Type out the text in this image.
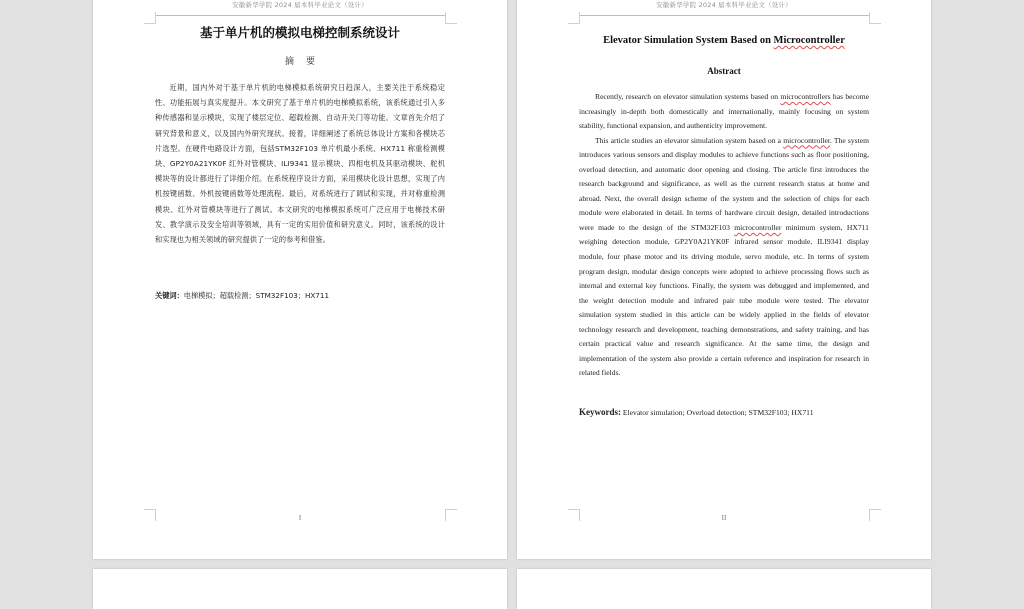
安徽新华学院 2024 届本科毕业论文（设计）
基于单片机的模拟电梯控制系统设计
摘要
近期，国内外对于基于单片机的电梯模拟系统研究日趋深入，主要关注于系统稳定性、功能拓展与真实度提升。本文研究了基于单片机的电梯模拟系统，该系统通过引入多种传感器和显示模块，实现了楼层定位、超载检测、自动开关门等功能。文章首先介绍了研究背景和意义，以及国内外研究现状。接着，详细阐述了系统总体设计方案和各模块芯片选型。在硬件电路设计方面，包括STM32F103 单片机最小系统、HX711 称重检测模块、GP2Y0A21YK0F 红外对管模块、ILI9341 显示模块、四相电机及其驱动模块、舵机模块等的设计都进行了详细介绍。在系统程序设计方面，采用模块化设计思想，实现了内机按键函数、外机按键函数等处理流程。最后，对系统进行了调试和实现，并对称重检测模块、红外对管模块等进行了测试。本文研究的电梯模拟系统可广泛应用于电梯技术研发、教学演示及安全培训等领域，具有一定的实用价值和研究意义。同时，该系统的设计和实现也为相关领域的研究提供了一定的参考和借鉴。
关键词：电梯模拟；超载检测；STM32F103；HX711
I
安徽新华学院 2024 届本科毕业论文（设计）
Elevator Simulation System Based on Microcontroller
Abstract

Recently, research on elevator simulation systems based on microcontrollers has become increasingly in-depth both domestically and internationally, mainly focusing on system stability, functional expansion, and authenticity improvement.

This article studies an elevator simulation system based on a microcontroller. The system introduces various sensors and display modules to achieve functions such as floor positioning, overload detection, and automatic door opening and closing. The article first introduces the research background and significance, as well as the current research status at home and abroad. Next, the overall design scheme of the system and the selection of chips for each module were elaborated in detail. In terms of hardware circuit design, detailed introductions were made to the design of the STM32F103 microcontroller minimum system, HX711 weighing detection module, GP2Y0A21YK0F infrared sensor module, ILI9341 display module, four phase motor and its driving module, servo module, etc. In terms of system program design, modular design concepts were adopted to achieve processing flows such as internal and external key functions. Finally, the system was debugged and implemented, and the weight detection module and infrared pair tube module were tested. The elevator simulation system studied in this article can be widely applied in the fields of elevator technology research and development, teaching demonstrations, and safety training, and has certain practical value and research significance. At the same time, the design and implementation of the system also provide a certain reference and inspiration for research in related fields.

Keywords: Elevator simulation; Overload detection; STM32F103; HX711
II
